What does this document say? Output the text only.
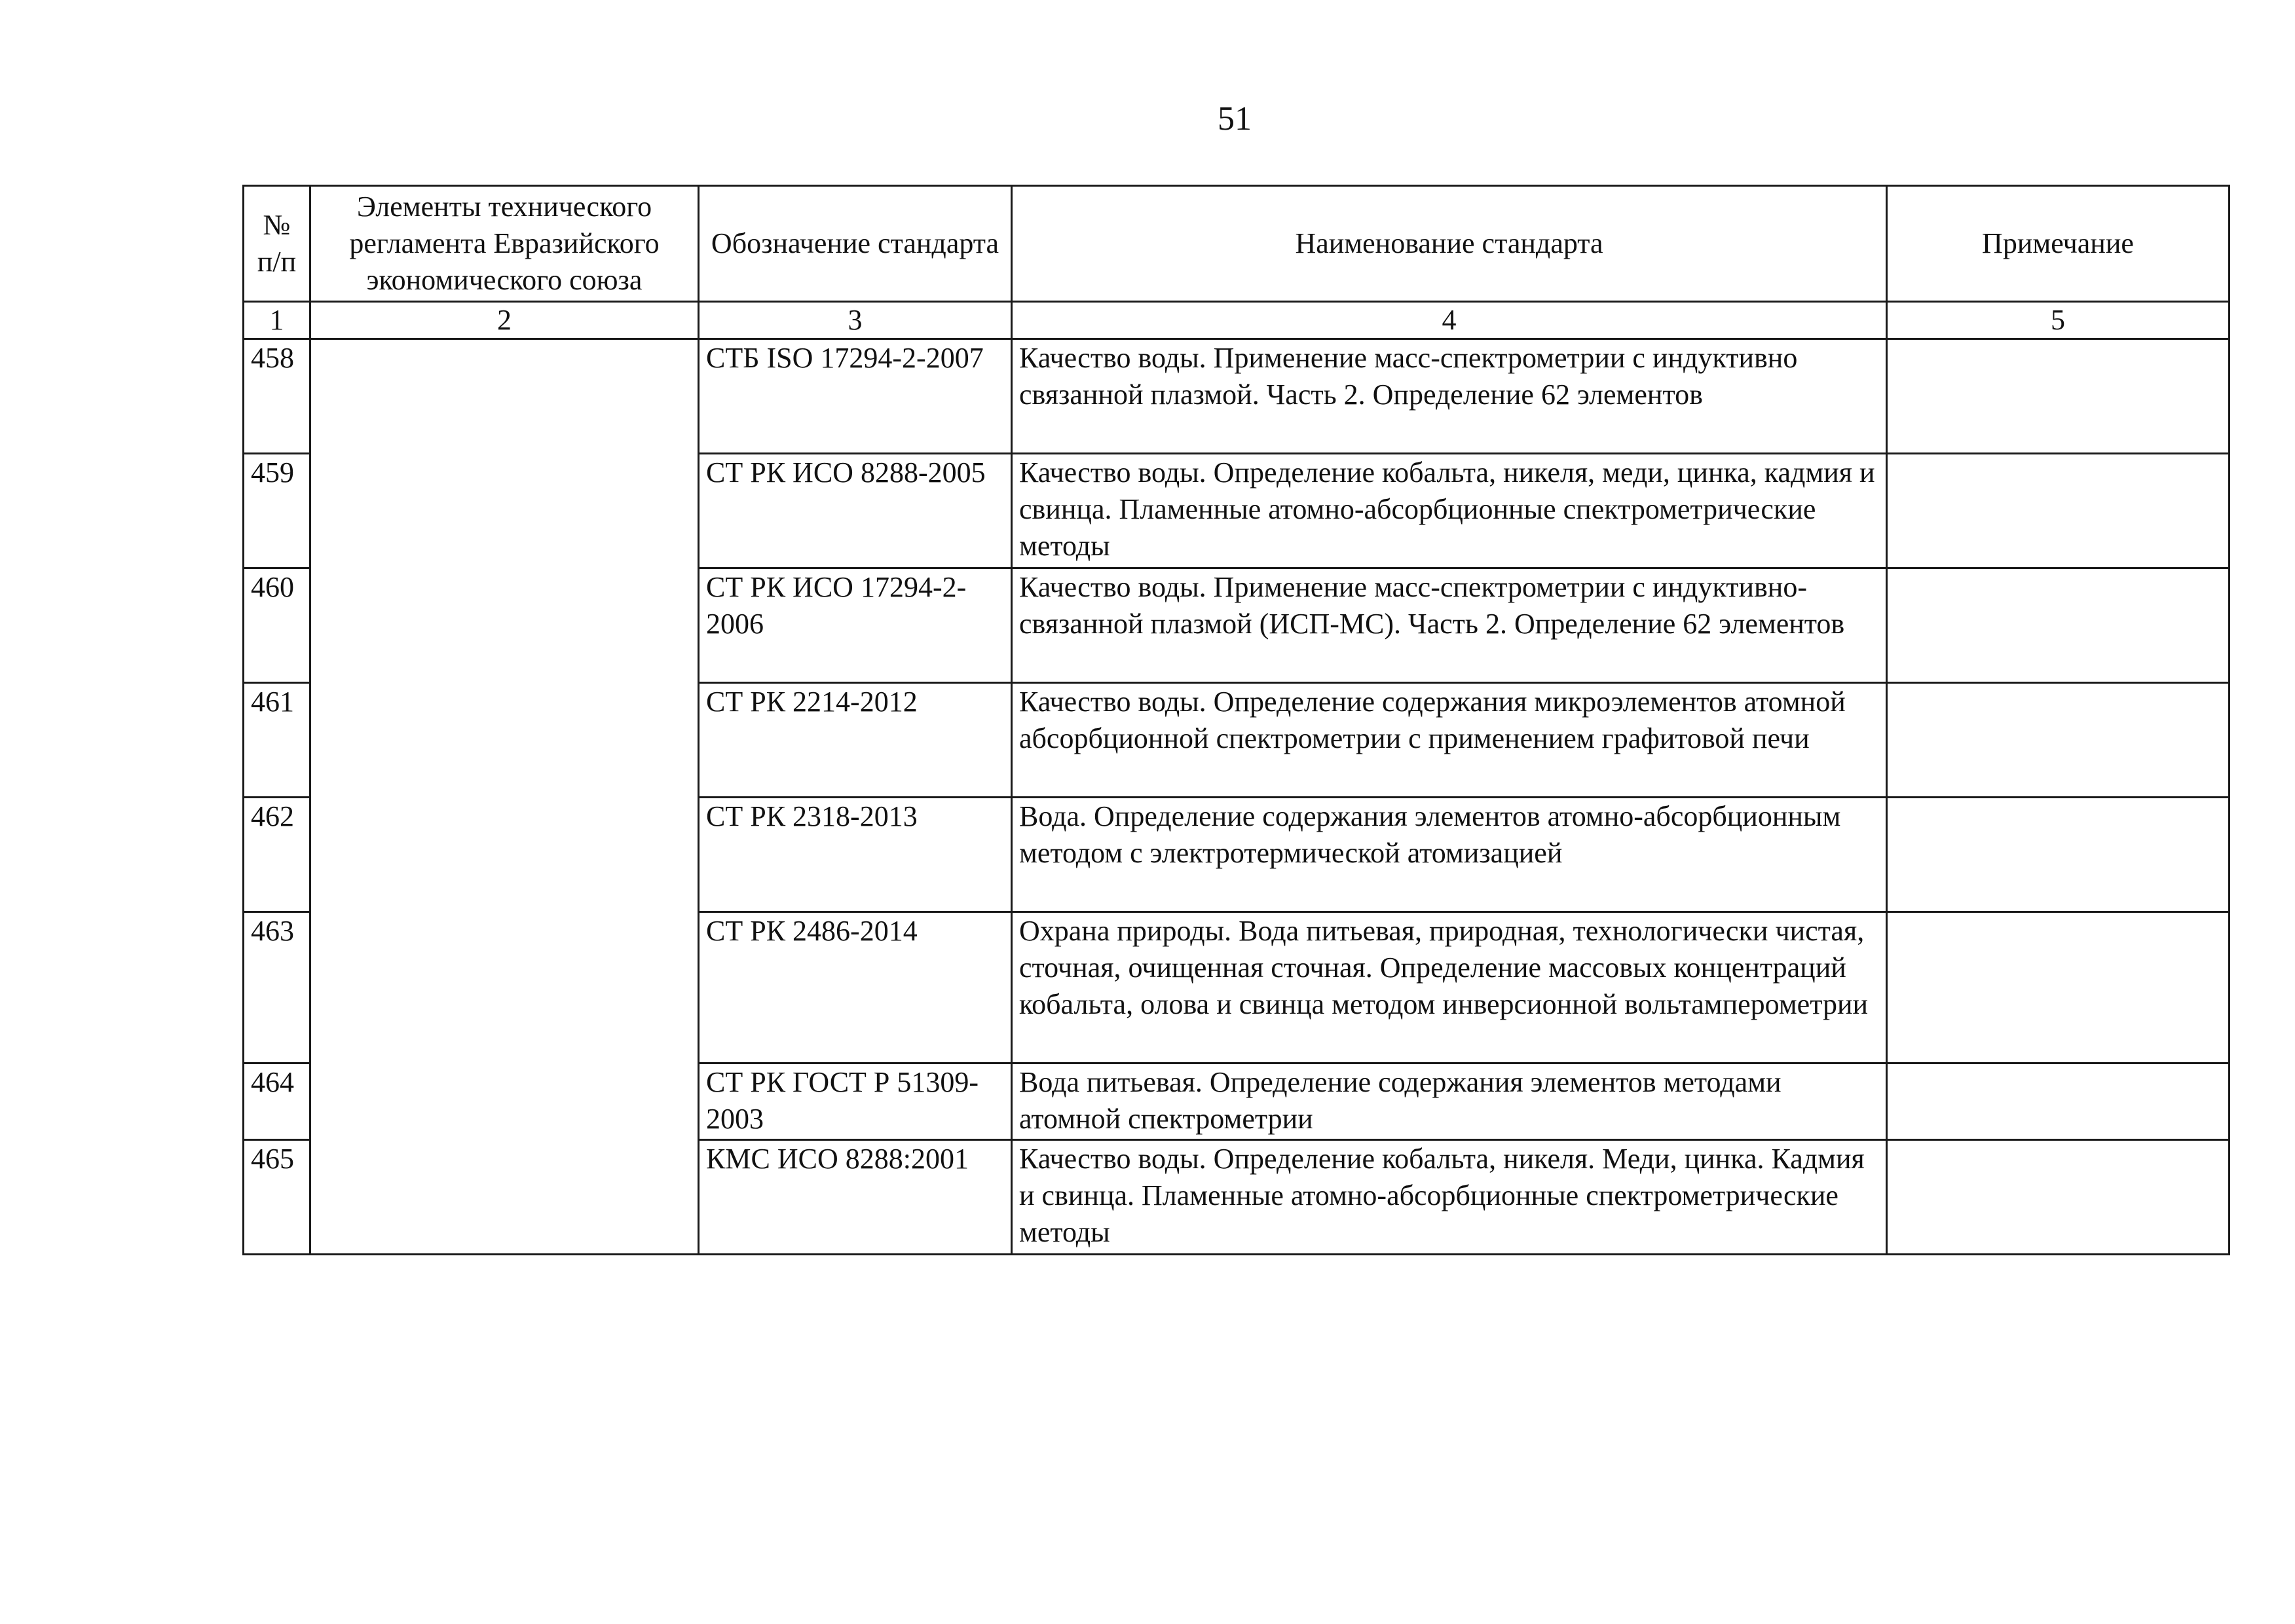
51
№ п/п	Элементы технического регламента Евразийского экономического союза	Обозначение стандарта	Наименование стандарта	Примечание
1	2	3	4	5
458		СТБ ISO 17294-2-2007	Качество воды. Применение масс-спектрометрии с индуктивно связанной плазмой. Часть 2. Определение 62 элементов	
459		СТ РК ИСО 8288-2005	Качество воды. Определение кобальта, никеля, меди, цинка, кадмия и свинца. Пламенные атомно-абсорбционные спектрометрические методы	
460		СТ РК ИСО 17294-2-2006	Качество воды. Применение масс-спектрометрии с индуктивно-связанной плазмой (ИСП-МС). Часть 2. Определение 62 элементов	
461		СТ РК 2214-2012	Качество воды. Определение содержания микроэлементов атомной абсорбционной спектрометрии с применением графитовой печи	
462		СТ РК 2318-2013	Вода. Определение содержания элементов атомно-абсорбционным методом с электротермической атомизацией	
463		СТ РК 2486-2014	Охрана природы. Вода питьевая, природная, технологически чистая, сточная, очищенная сточная. Определение массовых концентраций кобальта, олова и свинца методом инверсионной вольтамперометрии	
464		СТ РК ГОСТ Р 51309-2003	Вода питьевая. Определение содержания элементов методами атомной спектрометрии	
465		КМС ИСО 8288:2001	Качество воды. Определение кобальта, никеля. Меди, цинка. Кадмия и свинца. Пламенные атомно-абсорбционные спектрометрические методы	
